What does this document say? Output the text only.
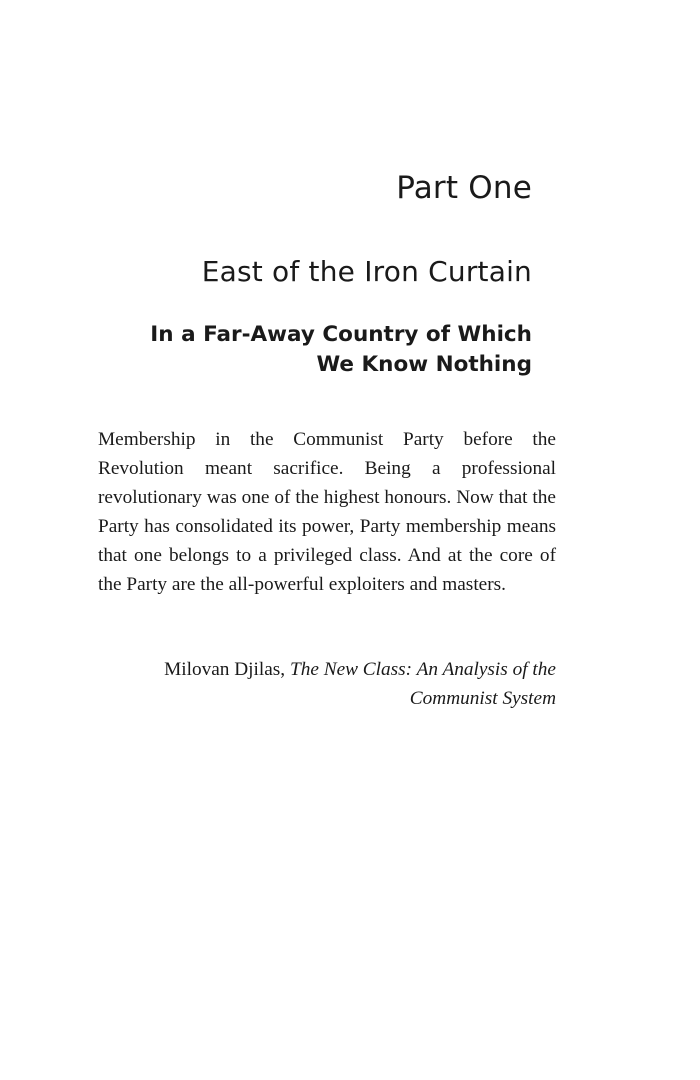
Part One
East of the Iron Curtain
In a Far-Away Country of Which
We Know Nothing
Membership in the Communist Party before the Revolution meant sacrifice. Being a professional revolutionary was one of the highest honours. Now that the Party has consolidated its power, Party membership means that one belongs to a privileged class. And at the core of the Party are the all-powerful exploiters and masters.
Milovan Djilas, The New Class: An Analysis of the
Communist System
